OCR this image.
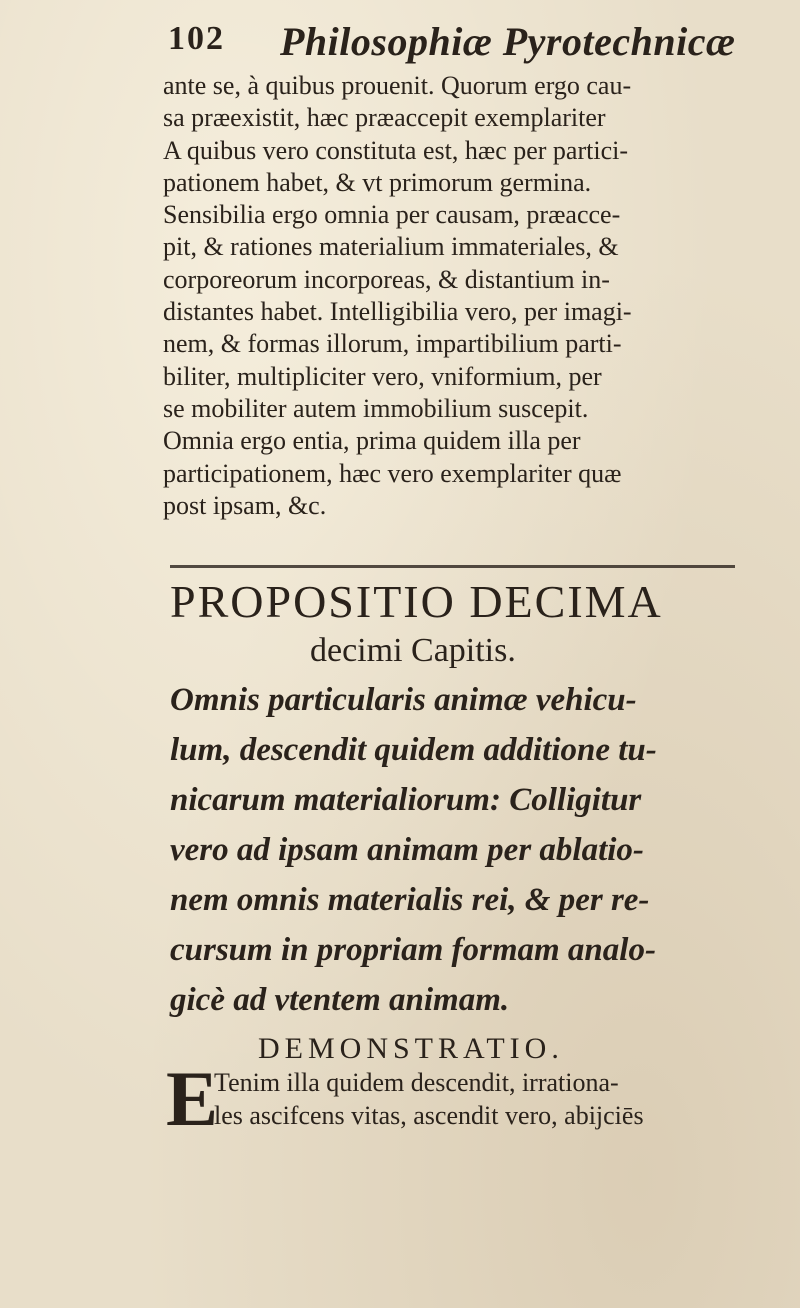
102 Philosophiæ Pyrotechnicæ
ante se, à quibus prouenit. Quorum ergo cau-
sa præexistit, hæc præaccepit exemplariter
A quibus vero constituta est, hæc per partici-
pationem habet, & vt primorum germina.
Sensibilia ergo omnia per causam, præacce-
pit, & rationes materialium immateriales, &
corporeorum incorporeas, & distantium in-
distantes habet. Intelligibilia vero, per imagi-
nem, & formas illorum, impartibilium parti-
biliter, multipliciter vero, vniformium, per
se mobiliter autem immobilium suscepit.
Omnia ergo entia, prima quidem illa per
participationem, hæc vero exemplariter quæ
post ipsam, &c.
PROPOSITIO DECIMA
decimi Capitis.
Omnis particularis animæ vehicu-
lum, descendit quidem additione tu-
nicarum materialiorum: Colligitur
vero ad ipsam animam per ablatio-
nem omnis materialis rei, & per re-
cursum in propriam formam analo-
gicè ad vtentem animam.
DEMONSTRATIO.
E
Tenim illa quidem descendit, irrationa-
les ascifcens vitas, ascendit vero, abijciēs
